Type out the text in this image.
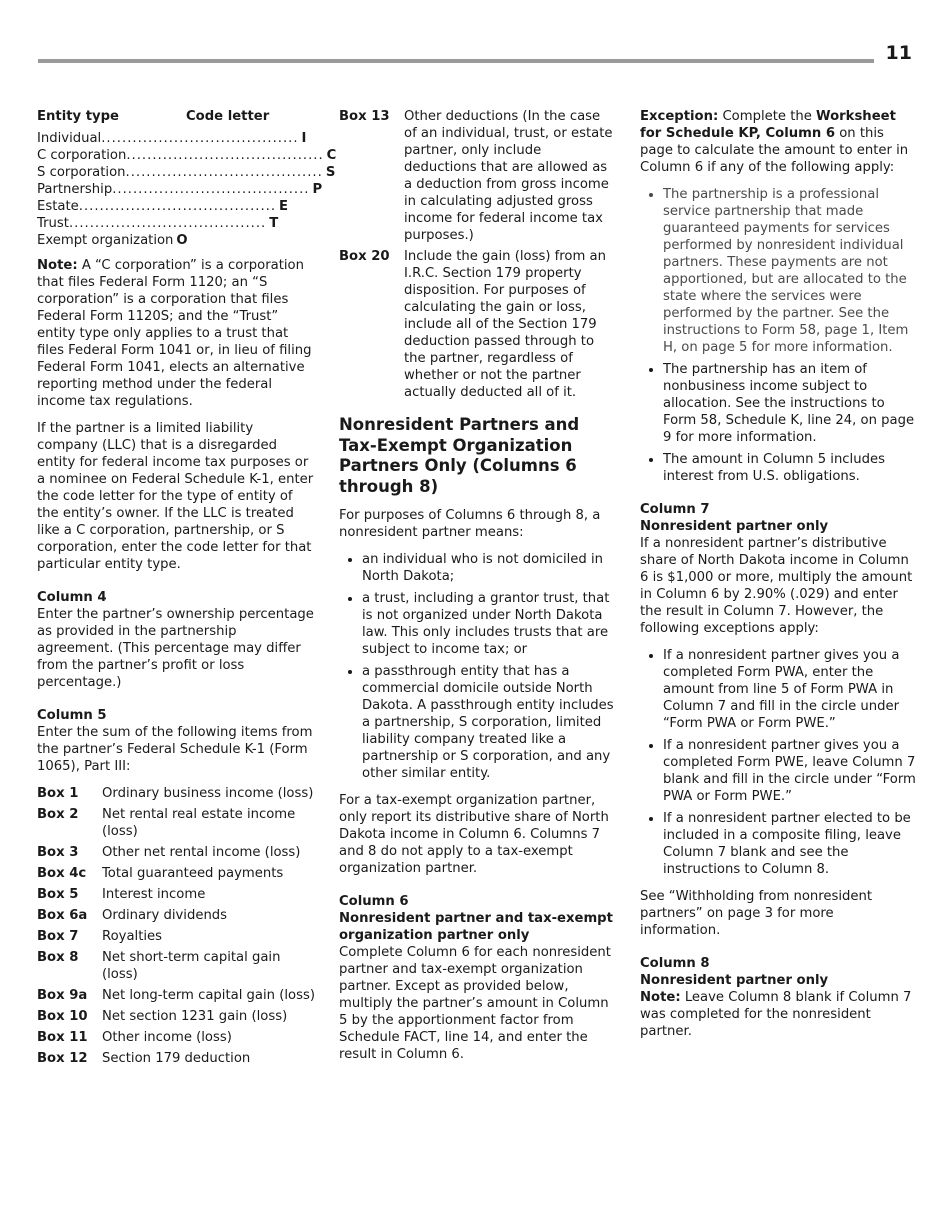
11
Entity type	Code letter
Individual ...................................... I
C corporation ...................................... C
S corporation ...................................... S
Partnership ...................................... P
Estate ...................................... E
Trust ...................................... T
Exempt organization O

Note: A “C corporation” is a corporation that files Federal Form 1120; an “S corporation” is a corporation that files Federal Form 1120S; and the “Trust” entity type only applies to a trust that files Federal Form 1041 or, in lieu of filing Federal Form 1041, elects an alternative reporting method under the federal income tax regulations.

If the partner is a limited liability company (LLC) that is a disregarded entity for federal income tax purposes or a nominee on Federal Schedule K-1, enter the code letter for the type of entity of the entity’s owner. If the LLC is treated like a C corporation, partnership, or S corporation, enter the code letter for that particular entity type.

Column 4

Enter the partner’s ownership percentage as provided in the partnership agreement. (This percentage may differ from the partner’s profit or loss percentage.)

Column 5

Enter the sum of the following items from the partner’s Federal Schedule K-1 (Form 1065), Part III:

Box 1	Ordinary business income (loss)
Box 2	Net rental real estate income (loss)
Box 3	Other net rental income (loss)
Box 4c	Total guaranteed payments
Box 5	Interest income
Box 6a	Ordinary dividends
Box 7	Royalties
Box 8	Net short-term capital gain (loss)
Box 9a	Net long-term capital gain (loss)
Box 10	Net section 1231 gain (loss)
Box 11	Other income (loss)
Box 12	Section 179 deduction
Box 13	Other deductions (In the case of an individual, trust, or estate partner, only include deductions that are allowed as a deduction from gross income in calculating adjusted gross income for federal income tax purposes.)
Box 20	Include the gain (loss) from an I.R.C. Section 179 property disposition. For purposes of calculating the gain or loss, include all of the Section 179 deduction passed through to the partner, regardless of whether or not the partner actually deducted all of it.
Nonresident Partners and Tax-Exempt Organization Partners Only (Columns 6 through 8)

For purposes of Columns 6 through 8, a nonresident partner means:

• an individual who is not domiciled in North Dakota;
• a trust, including a grantor trust, that is not organized under North Dakota law. This only includes trusts that are subject to income tax; or
• a passthrough entity that has a commercial domicile outside North Dakota. A passthrough entity includes a partnership, S corporation, limited liability company treated like a partnership or S corporation, and any other similar entity.

For a tax-exempt organization partner, only report its distributive share of North Dakota income in Column 6. Columns 7 and 8 do not apply to a tax-exempt organization partner.

Column 6
Nonresident partner and tax-exempt organization partner only

Complete Column 6 for each nonresident partner and tax-exempt organization partner. Except as provided below, multiply the partner’s amount in Column 5 by the apportionment factor from Schedule FACT, line 14, and enter the result in Column 6.

Exception: Complete the Worksheet for Schedule KP, Column 6 on this page to calculate the amount to enter in Column 6 if any of the following apply:

• The partnership is a professional service partnership that made guaranteed payments for services performed by nonresident individual partners. These payments are not apportioned, but are allocated to the state where the services were performed by the partner. See the instructions to Form 58, page 1, Item H, on page 5 for more information.
• The partnership has an item of nonbusiness income subject to allocation. See the instructions to Form 58, Schedule K, line 24, on page 9 for more information.
• The amount in Column 5 includes interest from U.S. obligations.
Column 7
Nonresident partner only

If a nonresident partner’s distributive share of North Dakota income in Column 6 is $1,000 or more, multiply the amount in Column 6 by 2.90% (.029) and enter the result in Column 7. However, the following exceptions apply:

• If a nonresident partner gives you a completed Form PWA, enter the amount from line 5 of Form PWA in Column 7 and fill in the circle under “Form PWA or Form PWE.”
• If a nonresident partner gives you a completed Form PWE, leave Column 7 blank and fill in the circle under “Form PWA or Form PWE.”
• If a nonresident partner elected to be included in a composite filing, leave Column 7 blank and see the instructions to Column 8.

See “Withholding from nonresident partners” on page 3 for more information.

Column 8
Nonresident partner only

Note: Leave Column 8 blank if Column 7 was completed for the nonresident partner.
